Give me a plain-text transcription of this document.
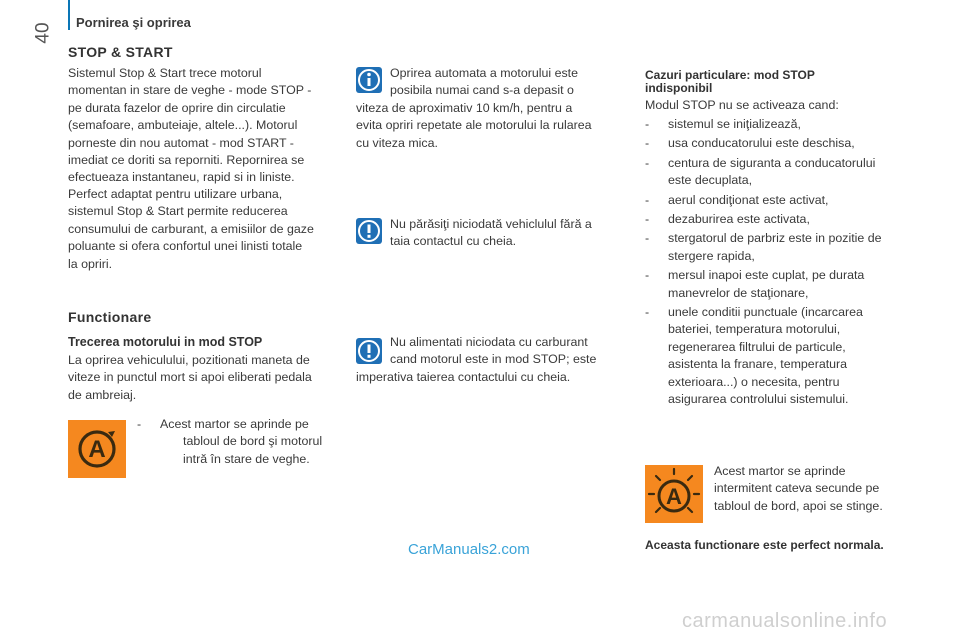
Pornirea şi oprirea
40
STOP & START
Sistemul Stop & Start trece motorul
momentan in stare de veghe - mode STOP -
pe durata fazelor de oprire din circulatie
(semafoare, ambuteiaje, altele...). Motorul
porneste din nou automat - mod START -
imediat ce doriti sa reporniti. Repornirea se
efectueaza instantaneu, rapid si in liniste.
Perfect adaptat pentru utilizare urbana,
sistemul Stop & Start permite reducerea
consumului de carburant, a emisiilor de gaze
poluante si ofera confortul unei linisti totale
la opriri.
Functionare
Trecerea motorului in mod STOP
La oprirea vehiculului, pozitionati maneta de
viteze in punctul mort si apoi eliberati pedala
de ambreiaj.
A
- Acest martor se aprinde pe
tabloul de bord şi motorul
intră în stare de veghe.
Oprirea automata a motorului este
posibila numai cand s-a depasit o
viteza de aproximativ 10 km/h, pentru a
evita opriri repetate ale motorului la rularea
cu viteza mica.
Nu părăsiţi niciodată vehiclulul fără a
taia contactul cu cheia.
Nu alimentati niciodata cu carburant
cand motorul este in mod STOP; este
imperativa taierea contactului cu cheia.
Cazuri particulare: mod STOP
indisponibil
Modul STOP nu se activeaza cand:
- sistemul se iniţializează,
- usa conducatorului este deschisa,
- centura de siguranta a conducatorului
este decuplata,
- aerul condiţionat este activat,
- dezaburirea este activata,
- stergatorul de parbriz este in pozitie de
stergere rapida,
- mersul inapoi este cuplat, pe durata
manevrelor de staţionare,
- unele conditii punctuale (incarcarea
bateriei, temperatura motorului,
regenerarea filtrului de particule,
asistenta la franare, temperatura
exterioara...) o necesita, pentru
asigurarea controlului sistemului.
A
Acest martor se aprinde
intermitent cateva secunde pe
tabloul de bord, apoi se stinge.
Aceasta functionare este perfect normala.
CarManuals2.com
carmanualsonline.info
